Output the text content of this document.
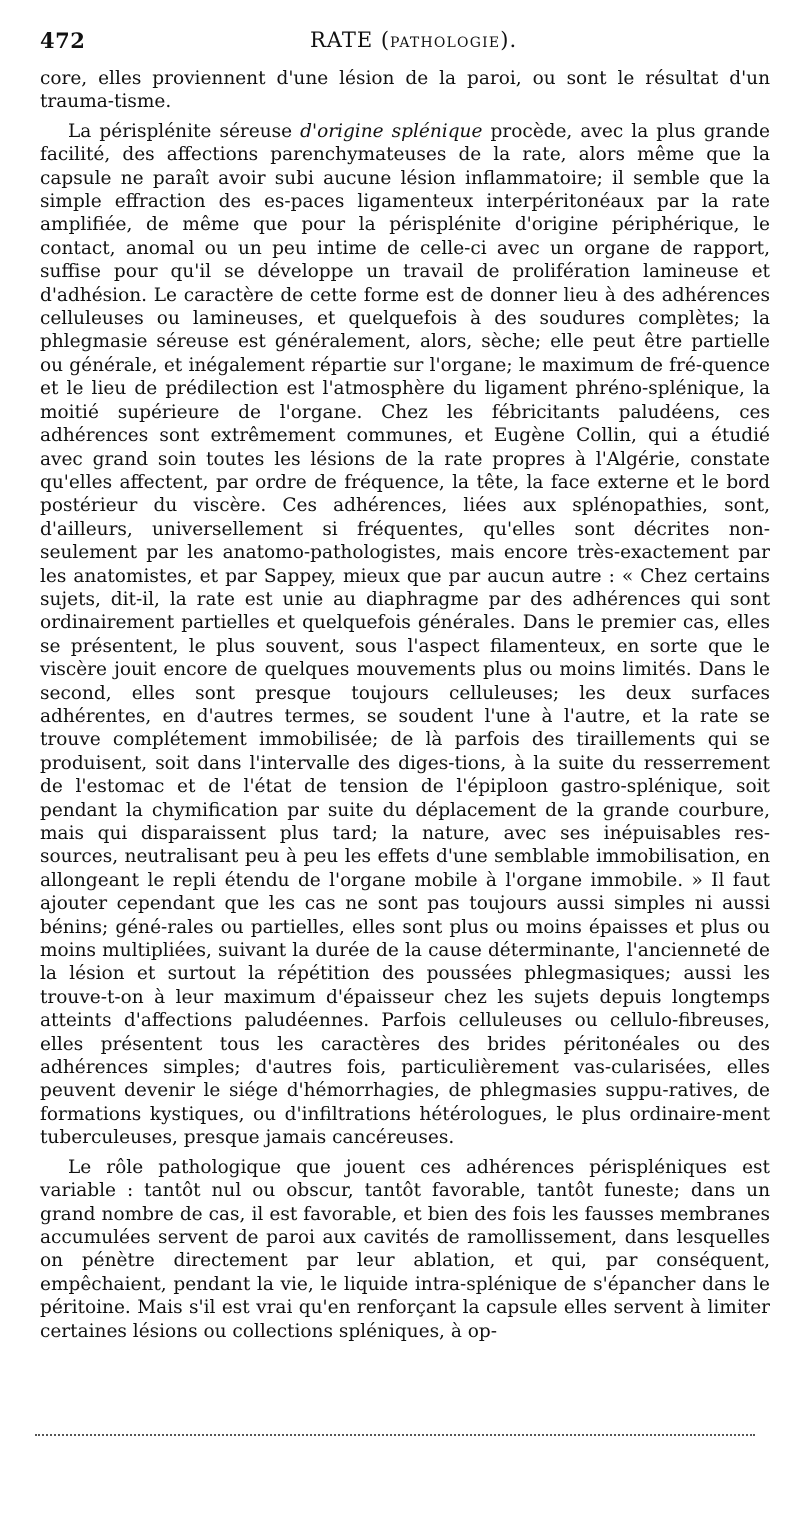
472	RATE (PATHOLOGIE).

core, elles proviennent d'une lésion de la paroi, ou sont le résultat d'un trauma-tisme.

La périsplénite séreuse d'origine splénique procède, avec la plus grande facilité, des affections parenchymateuses de la rate, alors même que la capsule ne paraît avoir subi aucune lésion inflammatoire; il semble que la simple effraction des es-paces ligamenteux interpéritonéaux par la rate amplifiée, de même que pour la périsplénite d'origine périphérique, le contact, anomal ou un peu intime de celle-ci avec un organe de rapport, suffise pour qu'il se développe un travail de prolifération lamineuse et d'adhésion. Le caractère de cette forme est de donner lieu à des adhérences celluleuses ou lamineuses, et quelquefois à des soudures complètes; la phlegmasie séreuse est généralement, alors, sèche; elle peut être partielle ou générale, et inégalement répartie sur l'organe; le maximum de fré-quence et le lieu de prédilection est l'atmosphère du ligament phréno-splénique, la moitié supérieure de l'organe. Chez les fébricitants paludéens, ces adhérences sont extrêmement communes, et Eugène Collin, qui a étudié avec grand soin toutes les lésions de la rate propres à l'Algérie, constate qu'elles affectent, par ordre de fréquence, la tête, la face externe et le bord postérieur du viscère. Ces adhérences, liées aux splénopathies, sont, d'ailleurs, universellement si fréquentes, qu'elles sont décrites non-seulement par les anatomo-pathologistes, mais encore très-exactement par les anatomistes, et par Sappey, mieux que par aucun autre : « Chez certains sujets, dit-il, la rate est unie au diaphragme par des adhérences qui sont ordinairement partielles et quelquefois générales. Dans le premier cas, elles se présentent, le plus souvent, sous l'aspect filamenteux, en sorte que le viscère jouit encore de quelques mouvements plus ou moins limités. Dans le second, elles sont presque toujours celluleuses; les deux surfaces adhérentes, en d'autres termes, se soudent l'une à l'autre, et la rate se trouve complétement immobilisée; de là parfois des tiraillements qui se produisent, soit dans l'intervalle des diges-tions, à la suite du resserrement de l'estomac et de l'état de tension de l'épiploon gastro-splénique, soit pendant la chymification par suite du déplacement de la grande courbure, mais qui disparaissent plus tard; la nature, avec ses inépuisables res-sources, neutralisant peu à peu les effets d'une semblable immobilisation, en allongeant le repli étendu de l'organe mobile à l'organe immobile. » Il faut ajouter cependant que les cas ne sont pas toujours aussi simples ni aussi bénins; géné-rales ou partielles, elles sont plus ou moins épaisses et plus ou moins multipliées, suivant la durée de la cause déterminante, l'ancienneté de la lésion et surtout la répétition des poussées phlegmasiques; aussi les trouve-t-on à leur maximum d'épaisseur chez les sujets depuis longtemps atteints d'affections paludéennes. Parfois celluleuses ou cellulo-fibreuses, elles présentent tous les caractères des brides péritonéales ou des adhérences simples; d'autres fois, particulièrement vas-cularisées, elles peuvent devenir le siége d'hémorrhagies, de phlegmasies suppu-ratives, de formations kystiques, ou d'infiltrations hétérologues, le plus ordinaire-ment tuberculeuses, presque jamais cancéreuses.

Le rôle pathologique que jouent ces adhérences périspléniques est variable : tantôt nul ou obscur, tantôt favorable, tantôt funeste; dans un grand nombre de cas, il est favorable, et bien des fois les fausses membranes accumulées servent de paroi aux cavités de ramollissement, dans lesquelles on pénètre directement par leur ablation, et qui, par conséquent, empêchaient, pendant la vie, le liquide intra-splénique de s'épancher dans le péritoine. Mais s'il est vrai qu'en renforçant la capsule elles servent à limiter certaines lésions ou collections spléniques, à op-
